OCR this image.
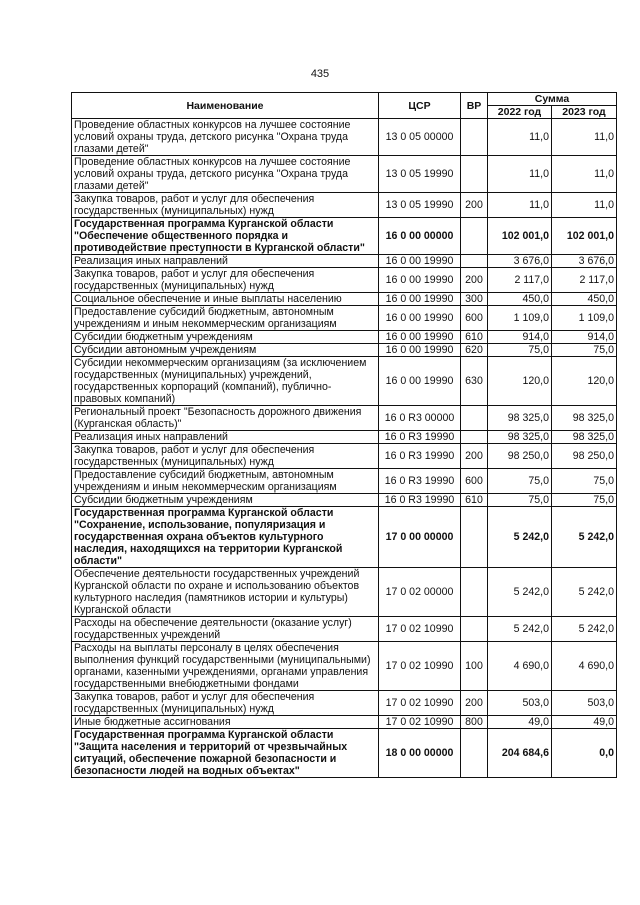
435
Наименование	ЦСР	ВР	Сумма	
			2022 год	2023 год
Проведение областных конкурсов на лучшее состояние условий охраны труда, детского рисунка "Охрана труда глазами детей"	13 0 05 00000		11,0	11,0
Проведение областных конкурсов на лучшее состояние условий охраны труда, детского рисунка "Охрана труда глазами детей"	13 0 05 19990		11,0	11,0
Закупка товаров, работ и услуг для обеспечения государственных (муниципальных) нужд	13 0 05 19990	200	11,0	11,0
Государственная программа Курганской области "Обеспечение общественного порядка и противодействие преступности в Курганской области"	16 0 00 00000		102 001,0	102 001,0
Реализация иных направлений	16 0 00 19990		3 676,0	3 676,0
Закупка товаров, работ и услуг для обеспечения государственных (муниципальных) нужд	16 0 00 19990	200	2 117,0	2 117,0
Социальное обеспечение и иные выплаты населению	16 0 00 19990	300	450,0	450,0
Предоставление субсидий бюджетным, автономным учреждениям и иным некоммерческим организациям	16 0 00 19990	600	1 109,0	1 109,0
Субсидии бюджетным учреждениям	16 0 00 19990	610	914,0	914,0
Субсидии автономным учреждениям	16 0 00 19990	620	75,0	75,0
Субсидии некоммерческим организациям (за исключением государственных (муниципальных) учреждений, государственных корпораций (компаний), публично-правовых компаний)	16 0 00 19990	630	120,0	120,0
Региональный проект "Безопасность дорожного движения (Курганская область)"	16 0 R3 00000		98 325,0	98 325,0
Реализация иных направлений	16 0 R3 19990		98 325,0	98 325,0
Закупка товаров, работ и услуг для обеспечения государственных (муниципальных) нужд	16 0 R3 19990	200	98 250,0	98 250,0
Предоставление субсидий бюджетным, автономным учреждениям и иным некоммерческим организациям	16 0 R3 19990	600	75,0	75,0
Субсидии бюджетным учреждениям	16 0 R3 19990	610	75,0	75,0
Государственная программа Курганской области "Сохранение, использование, популяризация и государственная охрана объектов культурного наследия, находящихся на территории Курганской области"	17 0 00 00000		5 242,0	5 242,0
Обеспечение деятельности государственных учреждений Курганской области по охране и использованию объектов культурного наследия (памятников истории и культуры) Курганской области	17 0 02 00000		5 242,0	5 242,0
Расходы на обеспечение деятельности (оказание услуг) государственных учреждений	17 0 02 10990		5 242,0	5 242,0
Расходы на выплаты персоналу в целях обеспечения выполнения функций государственными (муниципальными) органами, казенными учреждениями, органами управления государственными внебюджетными фондами	17 0 02 10990	100	4 690,0	4 690,0
Закупка товаров, работ и услуг для обеспечения государственных (муниципальных) нужд	17 0 02 10990	200	503,0	503,0
Иные бюджетные ассигнования	17 0 02 10990	800	49,0	49,0
Государственная программа Курганской области "Защита населения и территорий от чрезвычайных ситуаций, обеспечение пожарной безопасности и безопасности людей на водных объектах"	18 0 00 00000		204 684,6	0,0
